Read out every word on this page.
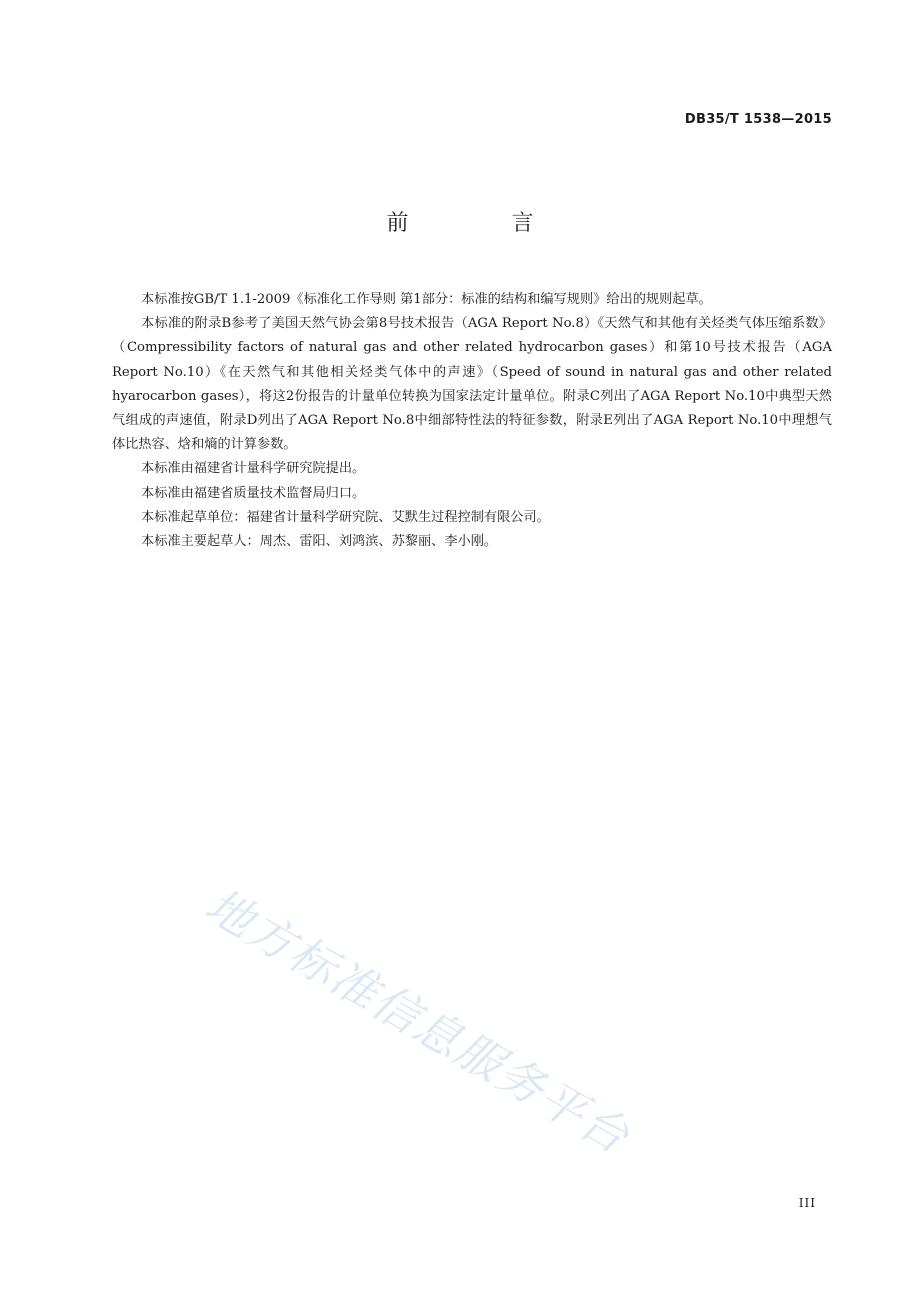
DB35/T 1538—2015
前 言

本标准按GB/T 1.1-2009《标准化工作导则 第1部分：标准的结构和编写规则》给出的规则起草。

本标准的附录B参考了美国天然气协会第8号技术报告（AGA Report No.8）《天然气和其他有关烃类气体压缩系数》（Compressibility factors of natural gas and other related hydrocarbon gases）和第10号技术报告（AGA Report No.10）《在天然气和其他相关烃类气体中的声速》（Speed of sound in natural gas and other related hyarocarbon gases），将这2份报告的计量单位转换为国家法定计量单位。附录C列出了AGA Report No.10中典型天然气组成的声速值，附录D列出了AGA Report No.8中细部特性法的特征参数，附录E列出了AGA Report No.10中理想气体比热容、焓和熵的计算参数。

本标准由福建省计量科学研究院提出。

本标准由福建省质量技术监督局归口。

本标准起草单位：福建省计量科学研究院、艾默生过程控制有限公司。

本标准主要起草人：周杰、雷阳、刘鸿滨、苏黎丽、李小刚。

地方标准信息服务平台
III
